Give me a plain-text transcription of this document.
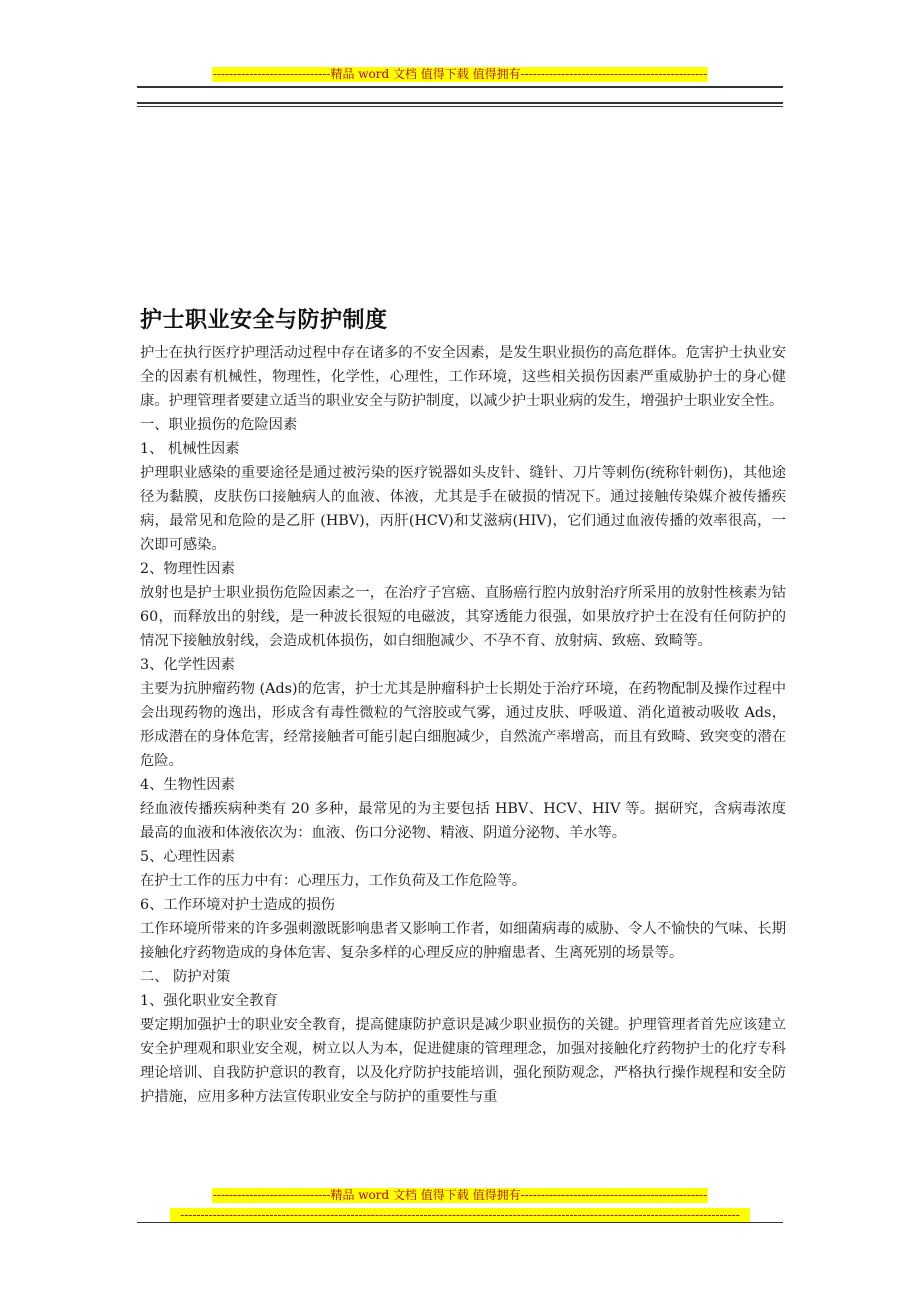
-----------------------------精品 word 文档 值得下载 值得拥有----------------------------------------------
护士职业安全与防护制度

护士在执行医疗护理活动过程中存在诸多的不安全因素，是发生职业损伤的高危群体。危害护士执业安全的因素有机械性，物理性，化学性，心理性，工作环境，这些相关损伤因素严重威胁护士的身心健康。护理管理者要建立适当的职业安全与防护制度，以减少护士职业病的发生，增强护士职业安全性。

一、职业损伤的危险因素

1、 机械性因素

护理职业感染的重要途径是通过被污染的医疗锐器如头皮针、缝针、刀片等刺伤(统称针刺伤)，其他途径为黏膜，皮肤伤口接触病人的血液、体液，尤其是手在破损的情况下。通过接触传染媒介被传播疾病，最常见和危险的是乙肝 (HBV)，丙肝(HCV)和艾滋病(HIV)，它们通过血液传播的效率很高，一次即可感染。

2、物理性因素

放射也是护士职业损伤危险因素之一，在治疗子宫癌、直肠癌行腔内放射治疗所采用的放射性核素为钴 60，而释放出的射线，是一种波长很短的电磁波，其穿透能力很强，如果放疗护士在没有任何防护的情况下接触放射线，会造成机体损伤，如白细胞减少、不孕不育、放射病、致癌、致畸等。

3、化学性因素

主要为抗肿瘤药物 (Ads)的危害，护士尤其是肿瘤科护士长期处于治疗环境，在药物配制及操作过程中会出现药物的逸出，形成含有毒性微粒的气溶胶或气雾，通过皮肤、呼吸道、消化道被动吸收 Ads，形成潜在的身体危害，经常接触者可能引起白细胞减少，自然流产率增高，而且有致畸、致突变的潜在危险。

4、生物性因素

经血液传播疾病种类有 20 多种，最常见的为主要包括 HBV、HCV、HIV 等。据研究，含病毒浓度最高的血液和体液依次为：血液、伤口分泌物、精液、阴道分泌物、羊水等。

5、心理性因素

在护士工作的压力中有：心理压力，工作负荷及工作危险等。

6、工作环境对护士造成的损伤

工作环境所带来的许多强刺激既影响患者又影响工作者，如细菌病毒的威胁、令人不愉快的气味、长期接触化疗药物造成的身体危害、复杂多样的心理反应的肿瘤患者、生离死别的场景等。

二、 防护对策

1、强化职业安全教育

要定期加强护士的职业安全教育，提高健康防护意识是减少职业损伤的关键。护理管理者首先应该建立安全护理观和职业安全观，树立以人为本，促进健康的管理理念，加强对接触化疗药物护士的化疗专科理论培训、自我防护意识的教育，以及化疗防护技能培训，强化预防观念，严格执行操作规程和安全防护措施，应用多种方法宣传职业安全与防护的重要性与重

-----------------------------精品 word 文档 值得下载 值得拥有----------------------------------------------
------------------------------------------------------------------------------------------------------------------------------------------
